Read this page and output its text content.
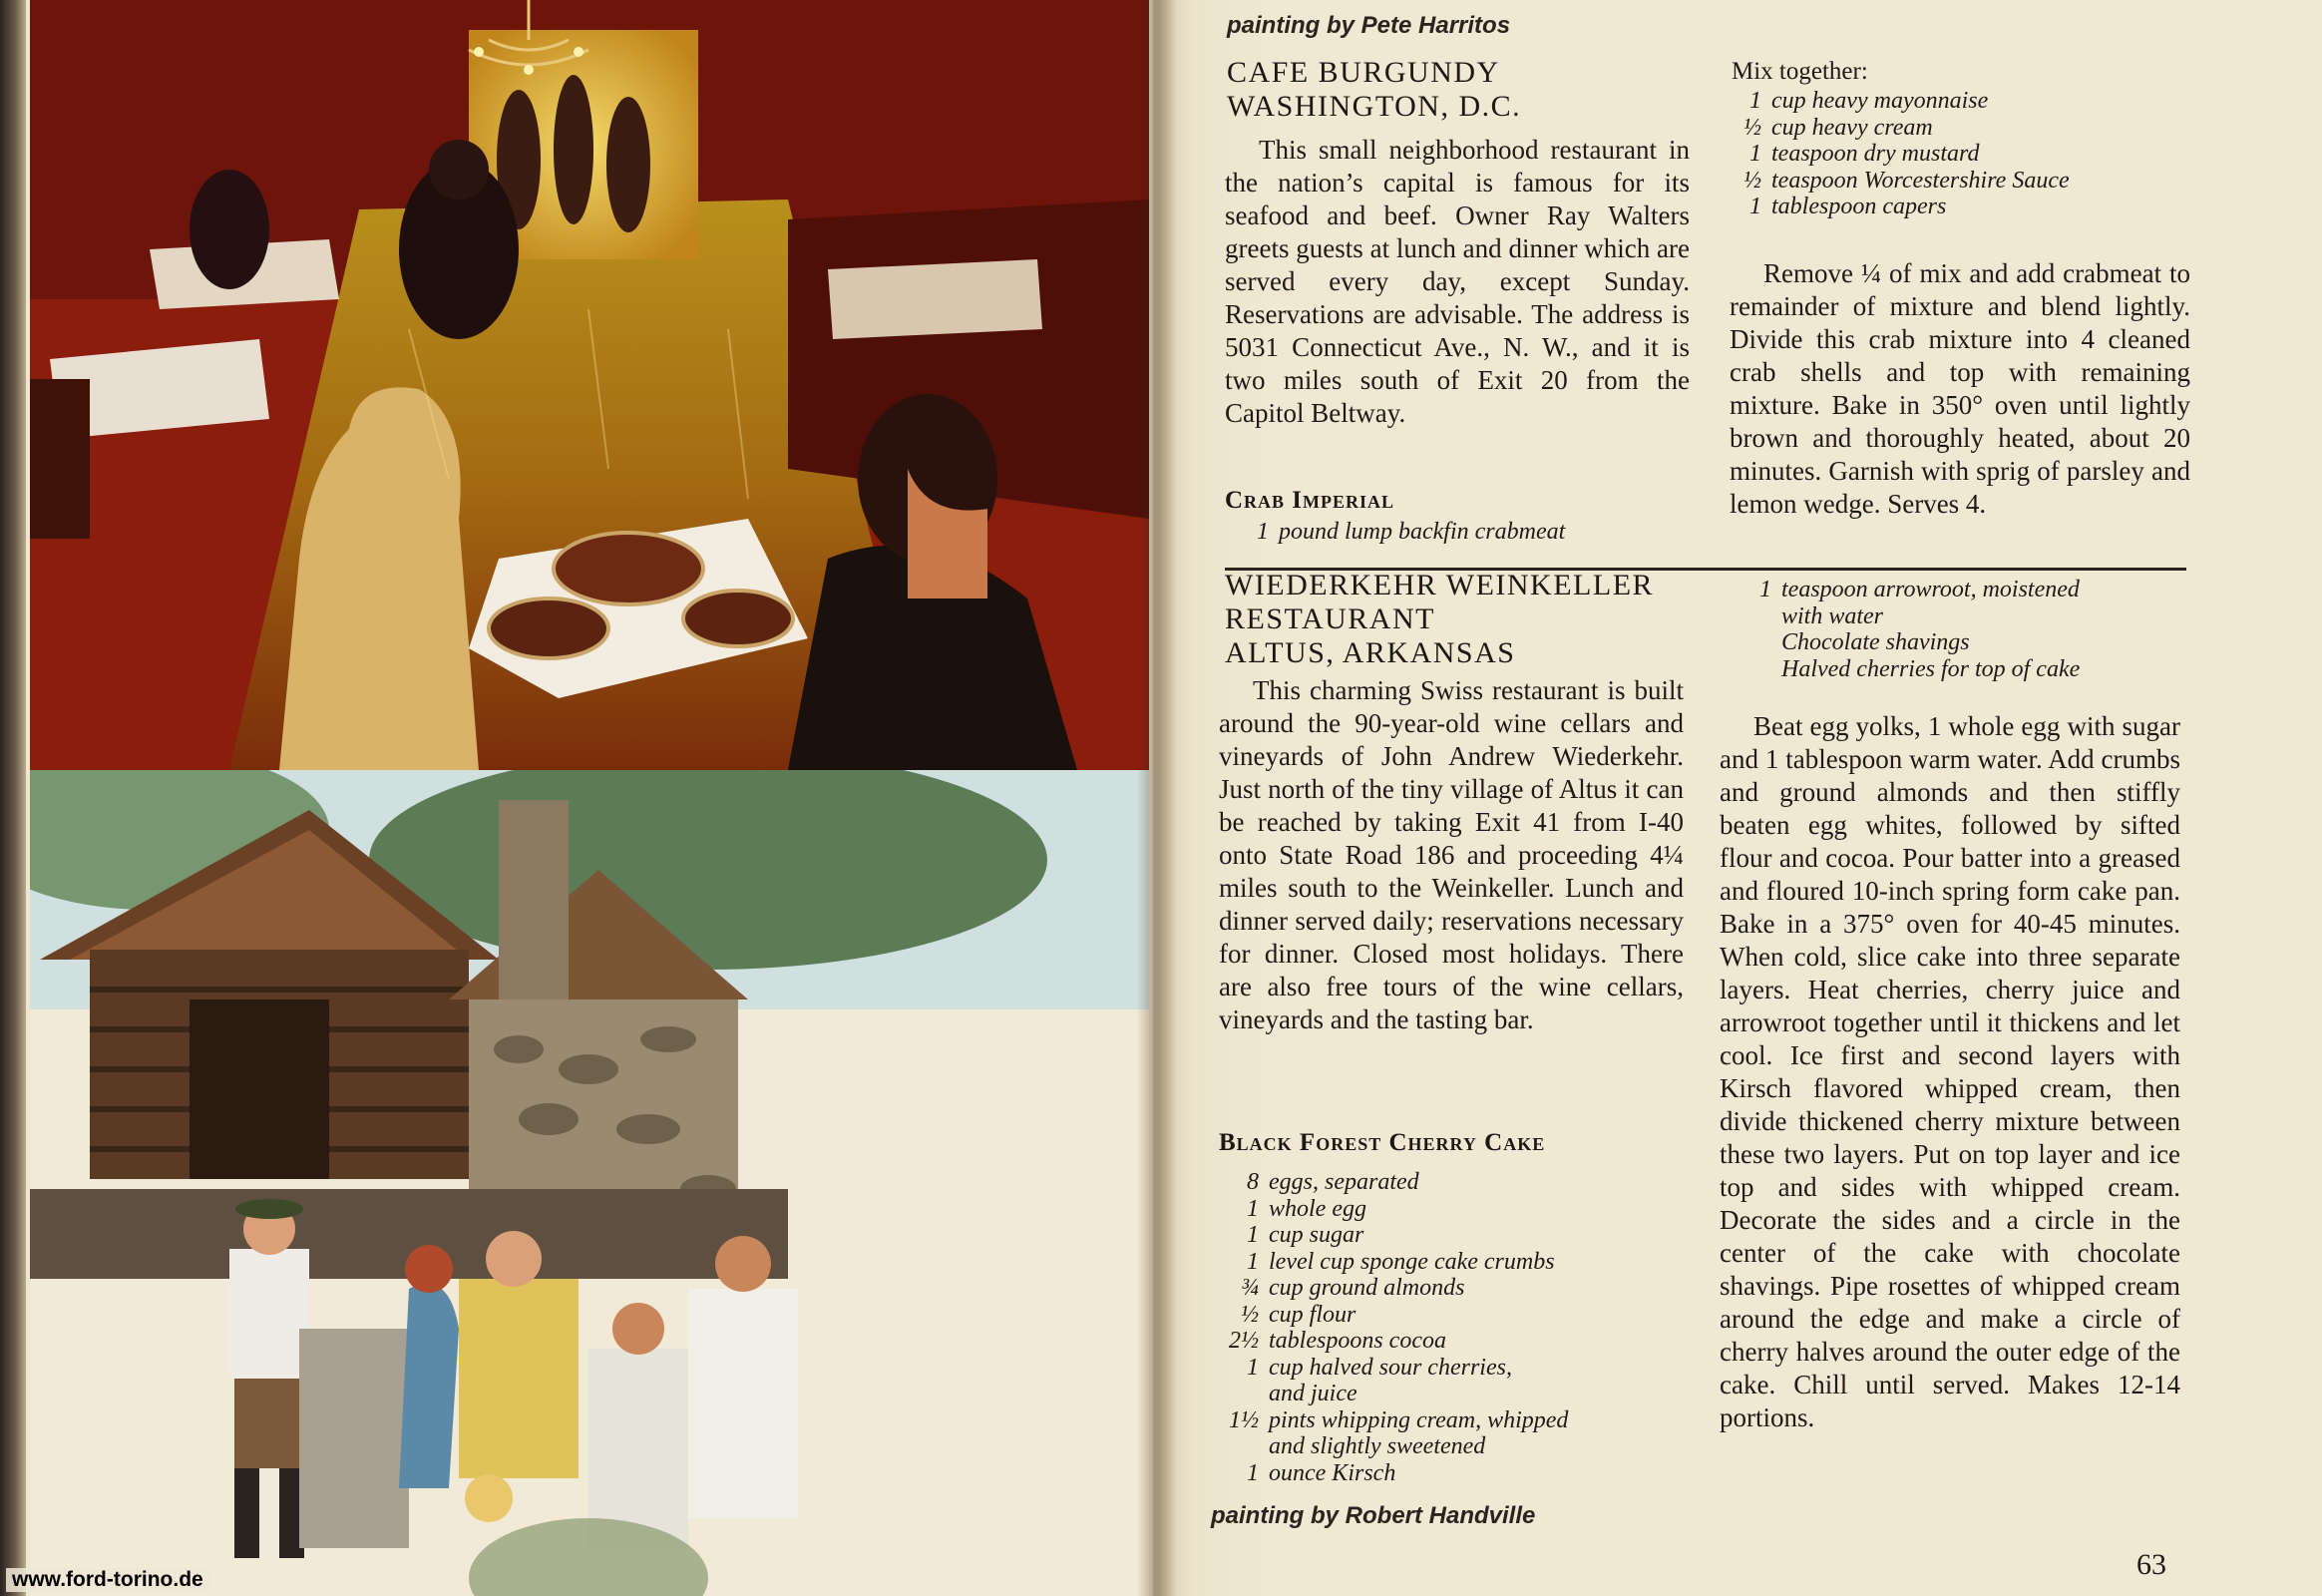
www.ford-torino.de
painting by Pete Harritos
CAFE BURGUNDY
WASHINGTON, D.C.

This small neighborhood restaurant in the nation’s capital is famous for its seafood and beef. Owner Ray Walters greets guests at lunch and dinner which are served every day, except Sunday. Reservations are advisable. The address is 5031 Connecticut Ave., N. W., and it is two miles south of Exit 20 from the Capitol Beltway.

Crab Imperial
1 pound lump backfin crabmeat
Mix together:
1 cup heavy mayonnaise
½ cup heavy cream
1 teaspoon dry mustard
½ teaspoon Worcestershire Sauce
1 tablespoon capers

Remove ¼ of mix and add crabmeat to remainder of mixture and blend lightly. Divide this crab mixture into 4 cleaned crab shells and top with remaining mixture. Bake in 350° oven until lightly brown and thoroughly heated, about 20 minutes. Garnish with sprig of parsley and lemon wedge. Serves 4.

WIEDERKEHR WEINKELLER
RESTAURANT
ALTUS, ARKANSAS

This charming Swiss restaurant is built around the 90-year-old wine cellars and vineyards of John Andrew Wiederkehr. Just north of the tiny village of Altus it can be reached by taking Exit 41 from I-40 onto State Road 186 and proceeding 4¼ miles south to the Weinkeller. Lunch and dinner served daily; reservations necessary for dinner. Closed most holidays. There are also free tours of the wine cellars, vineyards and the tasting bar.

Black Forest Cherry Cake
8 eggs, separated
1 whole egg
1 cup sugar
1 level cup sponge cake crumbs
¾ cup ground almonds
½ cup flour
2½ tablespoons cocoa
1 cup halved sour cherries,
and juice
1½ pints whipping cream, whipped
and slightly sweetened
1 ounce Kirsch
painting by Robert Handville
1 teaspoon arrowroot, moistened
with water
Chocolate shavings
Halved cherries for top of cake

Beat egg yolks, 1 whole egg with sugar and 1 tablespoon warm water. Add crumbs and ground almonds and then stiffly beaten egg whites, followed by sifted flour and cocoa. Pour batter into a greased and floured 10-inch spring form cake pan. Bake in a 375° oven for 40-45 minutes. When cold, slice cake into three separate layers. Heat cherries, cherry juice and arrowroot together until it thickens and let cool. Ice first and second layers with Kirsch flavored whipped cream, then divide thickened cherry mixture between these two layers. Put on top layer and ice top and sides with whipped cream. Decorate the sides and a circle in the center of the cake with chocolate shavings. Pipe rosettes of whipped cream around the edge and make a circle of cherry halves around the outer edge of the cake. Chill until served. Makes 12-14 portions.

63
